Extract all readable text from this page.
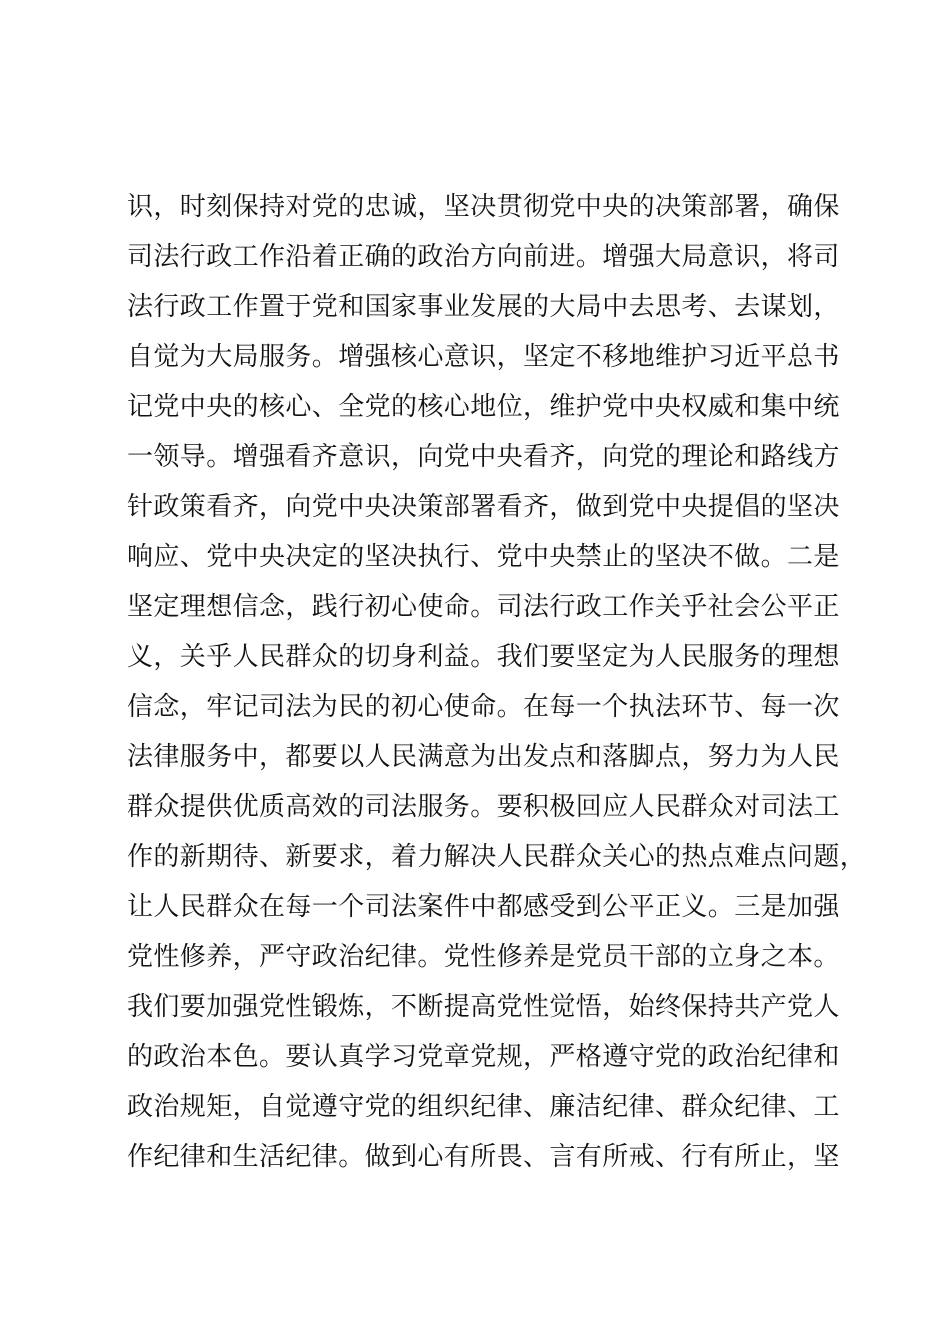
识，时刻保持对党的忠诚，坚决贯彻党中央的决策部署，确保
司法行政工作沿着正确的政治方向前进。增强大局意识，将司
法行政工作置于党和国家事业发展的大局中去思考、去谋划，
自觉为大局服务。增强核心意识，坚定不移地维护习近平总书
记党中央的核心、全党的核心地位，维护党中央权威和集中统
一领导。增强看齐意识，向党中央看齐，向党的理论和路线方
针政策看齐，向党中央决策部署看齐，做到党中央提倡的坚决
响应、党中央决定的坚决执行、党中央禁止的坚决不做。二是
坚定理想信念，践行初心使命。司法行政工作关乎社会公平正
义，关乎人民群众的切身利益。我们要坚定为人民服务的理想
信念，牢记司法为民的初心使命。在每一个执法环节、每一次
法律服务中，都要以人民满意为出发点和落脚点，努力为人民
群众提供优质高效的司法服务。要积极回应人民群众对司法工
作的新期待、新要求，着力解决人民群众关心的热点难点问题，
让人民群众在每一个司法案件中都感受到公平正义。三是加强
党性修养，严守政治纪律。党性修养是党员干部的立身之本。
我们要加强党性锻炼，不断提高党性觉悟，始终保持共产党人
的政治本色。要认真学习党章党规，严格遵守党的政治纪律和
政治规矩，自觉遵守党的组织纪律、廉洁纪律、群众纪律、工
作纪律和生活纪律。做到心有所畏、言有所戒、行有所止，坚
